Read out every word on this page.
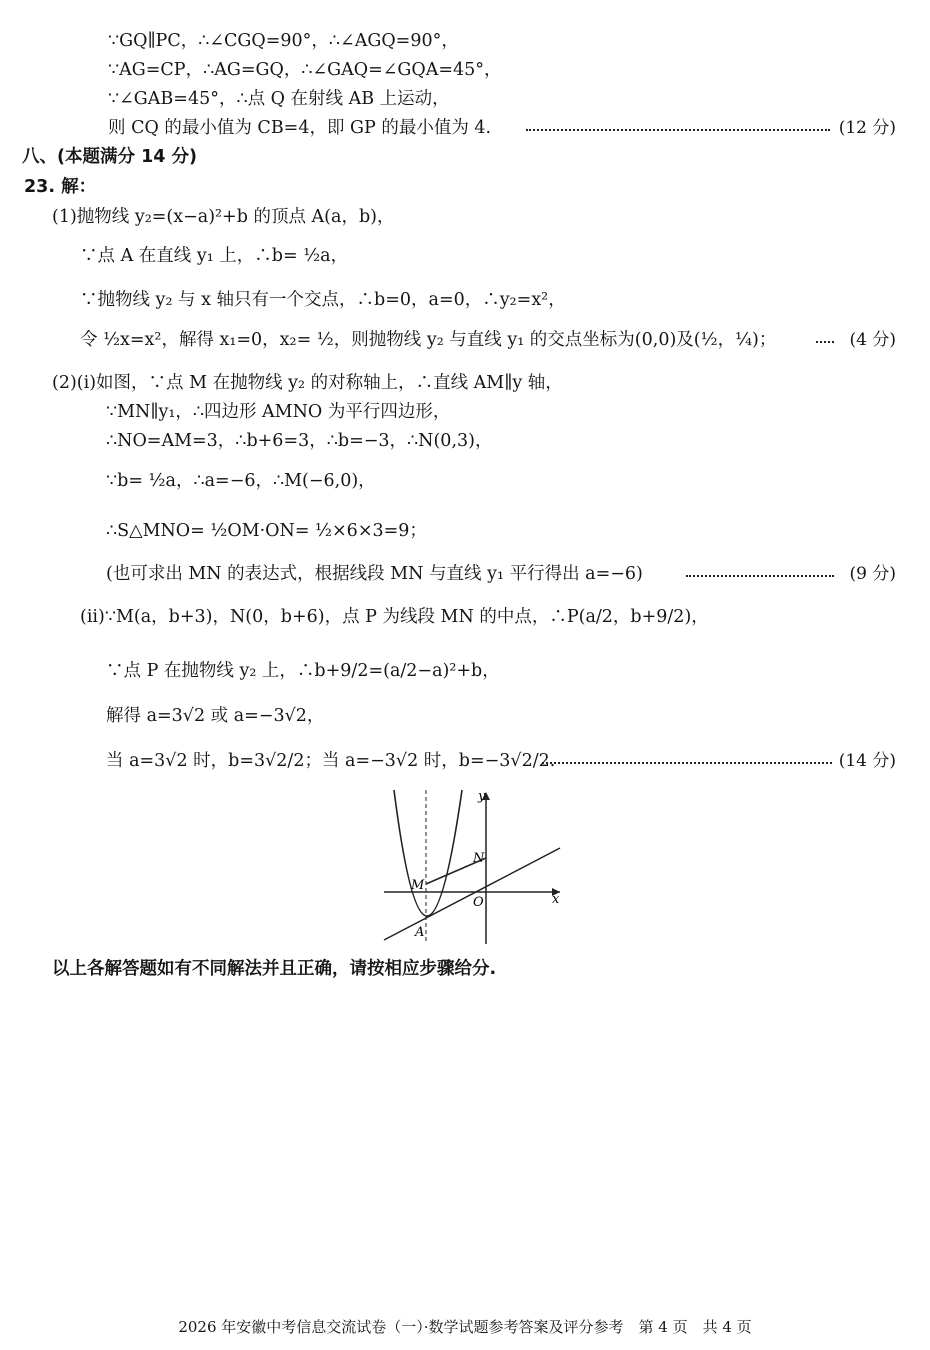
∵GQ∥PC，∴∠CGQ=90°，∴∠AGQ=90°，
∵AG=CP，∴AG=GQ，∴∠GAQ=∠GQA=45°，
∵∠GAB=45°，∴点 Q 在射线 AB 上运动，
则 CQ 的最小值为 CB=4，即 GP 的最小值为 4.	(12 分)
八、(本题满分 14 分)
23. 解：
(1)抛物线 y₂=(x−a)²+b 的顶点 A(a，b)，
∵点 A 在直线 y₁ 上，∴b= ½a，
∵抛物线 y₂ 与 x 轴只有一个交点，∴b=0，a=0，∴y₂=x²，
令 ½x=x²，解得 x₁=0，x₂= ½，则抛物线 y₂ 与直线 y₁ 的交点坐标为(0,0)及(½，¼)；	(4 分)
(2)(i)如图，∵点 M 在抛物线 y₂ 的对称轴上，∴直线 AM∥y 轴，
∵MN∥y₁，∴四边形 AMNO 为平行四边形，
∴NO=AM=3，∴b+6=3，∴b=−3，∴N(0,3)，
∵b= ½a，∴a=−6，∴M(−6,0)，
∴S△MNO= ½OM·ON= ½×6×3=9；
(也可求出 MN 的表达式，根据线段 MN 与直线 y₁ 平行得出 a=−6)	(9 分)
(ii)∵M(a，b+3)，N(0，b+6)，点 P 为线段 MN 的中点，∴P(a/2，b+9/2)，
∵点 P 在抛物线 y₂ 上，∴b+9/2=(a/2−a)²+b，
解得 a=3√2 或 a=−3√2，
当 a=3√2 时，b=3√2/2；当 a=−3√2 时，b=−3√2/2.	(14 分)
y
x
N
M
O
A
以上各解答题如有不同解法并且正确，请按相应步骤给分.
2026 年安徽中考信息交流试卷（一）·数学试题参考答案及评分参考　第 4 页　共 4 页
